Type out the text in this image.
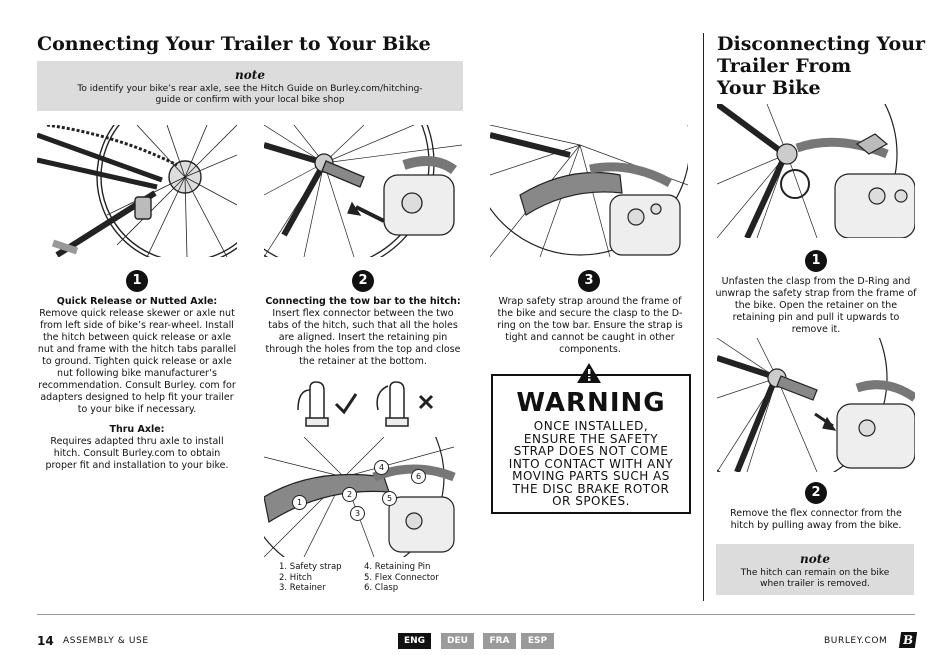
Connecting Your Trailer to Your Bike
note
To identify your bike’s rear axle, see the Hitch Guide on Burley.com/hitching-guide or confirm with your local bike shop
1
Quick Release or Nutted Axle:
Remove quick release skewer or axle nut from left side of bike’s rear-wheel. Install the hitch between quick release or axle nut and frame with the hitch tabs parallel to ground. Tighten quick release or axle nut following bike manufacturer’s recommendation. Consult Burley. com for adapters designed to help fit your trailer to your bike if necessary.
Thru Axle:
Requires adapted thru axle to install hitch. Consult Burley.com to obtain proper fit and installation to your bike.
2
Connecting the tow bar to the hitch:
Insert flex connector between the two tabs of the hitch, such that all the holes are aligned. Insert the retaining pin through the holes from the top and close the retainer at the bottom.
1
2
3
4
5
6
1. Safety strap
2. Hitch
3. Retainer
4. Retaining Pin
5. Flex Connector
6. Clasp
3
Wrap safety strap around the frame of the bike and secure the clasp to the D-ring on the tow bar. Ensure the strap is tight and cannot be caught in other components.
WARNING
ONCE INSTALLED, ENSURE THE SAFETY STRAP DOES NOT COME INTO CONTACT WITH ANY MOVING PARTS SUCH AS THE DISC BRAKE ROTOR OR SPOKES.
Disconnecting Your
Trailer From
Your Bike
1
Unfasten the clasp from the D-Ring and unwrap the safety strap from the frame of the bike. Open the retainer on the retaining pin and pull it upwards to remove it.
2
Remove the flex connector from the hitch by pulling away from the bike.
note
The hitch can remain on the bike when trailer is removed.
14 ASSEMBLY & USE	ENG	DEU	FRA	ESP	BURLEY.COM B
